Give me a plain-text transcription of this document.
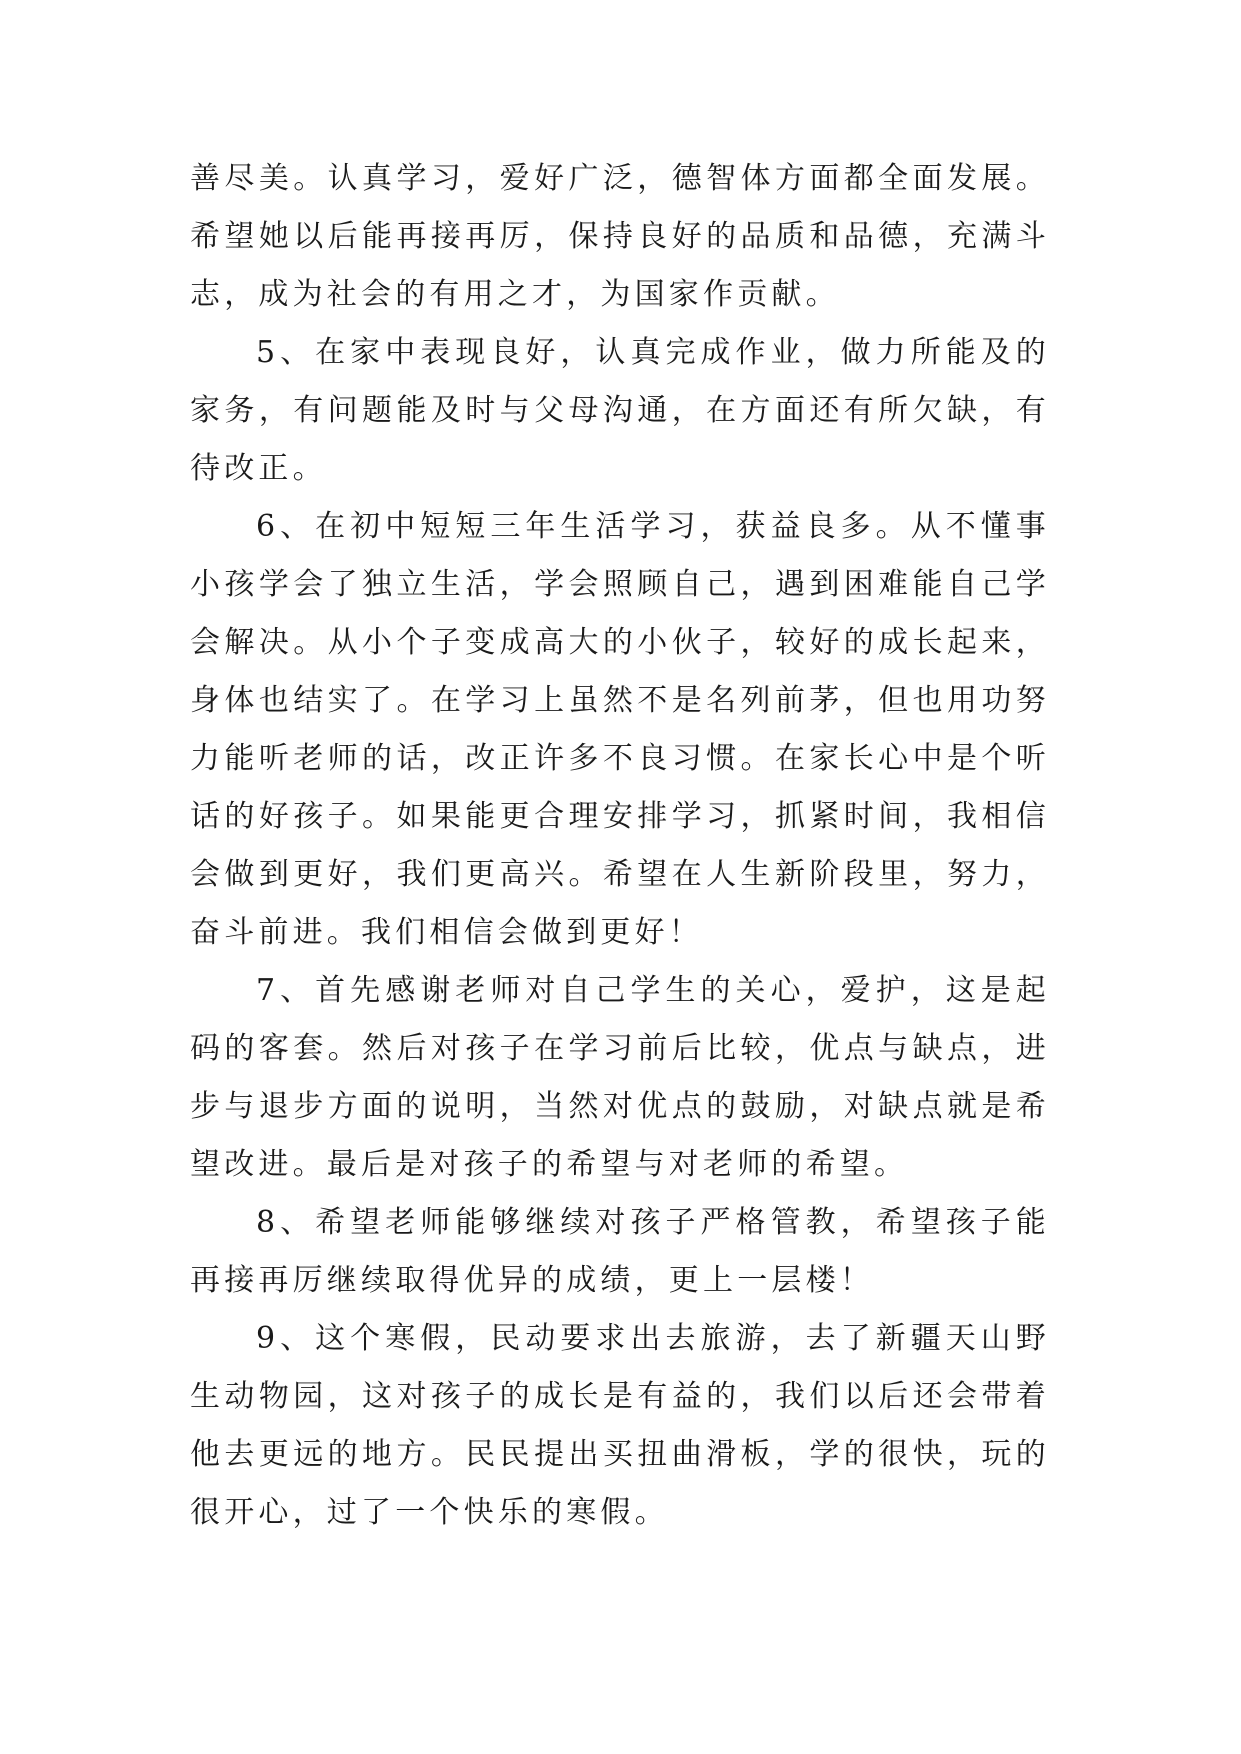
善尽美。认真学习，爱好广泛，德智体方面都全面发展。希望她以后能再接再厉，保持良好的品质和品德，充满斗志，成为社会的有用之才，为国家作贡献。

5、在家中表现良好，认真完成作业，做力所能及的家务，有问题能及时与父母沟通，在方面还有所欠缺，有待改正。

6、在初中短短三年生活学习，获益良多。从不懂事小孩学会了独立生活，学会照顾自己，遇到困难能自己学会解决。从小个子变成高大的小伙子，较好的成长起来，身体也结实了。在学习上虽然不是名列前茅，但也用功努力能听老师的话，改正许多不良习惯。在家长心中是个听话的好孩子。如果能更合理安排学习，抓紧时间，我相信会做到更好，我们更高兴。希望在人生新阶段里，努力，奋斗前进。我们相信会做到更好！

7、首先感谢老师对自己学生的关心，爱护，这是起码的客套。然后对孩子在学习前后比较，优点与缺点，进步与退步方面的说明，当然对优点的鼓励，对缺点就是希望改进。最后是对孩子的希望与对老师的希望。

8、希望老师能够继续对孩子严格管教，希望孩子能再接再厉继续取得优异的成绩，更上一层楼！

9、这个寒假，民动要求出去旅游，去了新疆天山野生动物园，这对孩子的成长是有益的，我们以后还会带着他去更远的地方。民民提出买扭曲滑板，学的很快，玩的很开心，过了一个快乐的寒假。
